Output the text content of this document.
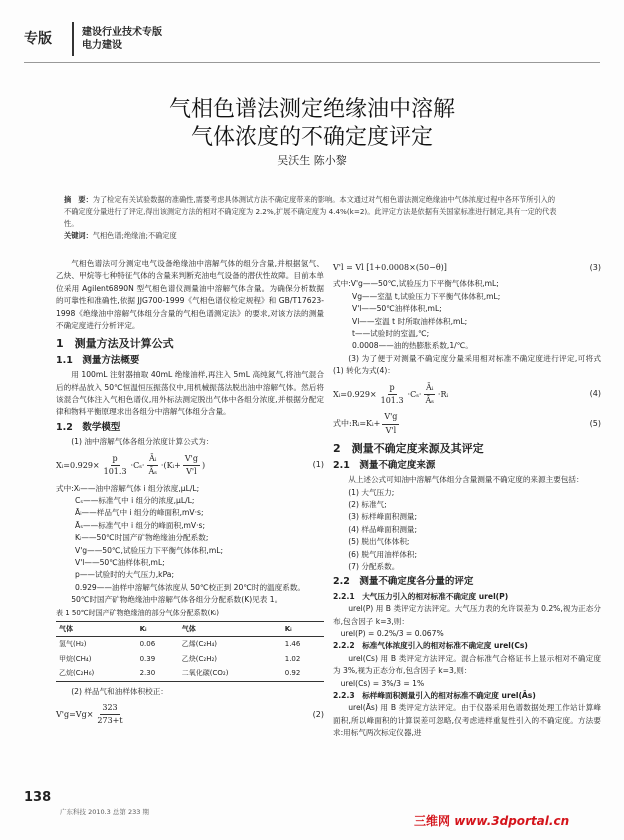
专版	建设行业技术专版
电力建设
气相色谱法测定绝缘油中溶解
气体浓度的不确定度评定
吴沃生 陈小黎
摘　要：为了检定有关试验数据的准确性,需要考虑具体测试方法不确定度带来的影响。本文通过对气相色谱法测定绝缘油中气体浓度过程中各环节所引入的不确定度分量进行了评定,得出该测定方法的相对不确定度为 2.2%,扩展不确定度为 4.4%(k=2)。此评定方法是依据有关国家标准进行制定,具有一定的代表性。
关键词：气相色谱;绝缘油;不确定度

气相色谱法可分测定电气设备绝缘油中溶解气体的组分含量,并根据氢气、乙炔、甲烷等七种特征气体的含量来判断充油电气设备的潜伏性故障。目前本单位采用 Agilent6890N 型气相色谱仪测量油中溶解气体含量。为确保分析数据的可靠性和准确性,依据 JJG700-1999《气相色谱仪检定规程》和 GB/T17623-1998《绝缘油中溶解气体组分含量的气相色谱测定法》的要求,对该方法的测量不确定度进行分析评定。

1　测量方法及计算公式

1.1　测量方法概要

用 100mL 注射器抽取 40mL 绝缘油样,再注入 5mL 高纯氮气,将油气混合后的样品放入 50℃恒温恒压振荡仪中,用机械振荡法脱出油中溶解气体。然后将该混合气体注入气相色谱仪,用外标法测定脱出气体中各组分浓度,并根据分配定律和物料平衡原理求出各组分中溶解气体组分含量。

1.2　数学模型

(1) 油中溶解气体各组分浓度计算公式为：

Xᵢ=0.929× $\frac{p}{101.3} \cdot C_s\cdot \frac{\text{Āᵢ}}{\text{Āₛ}}$ ·(Kᵢ+ $\frac{V'g}{V'l}$ )	(1)

式中:Xᵢ——油中溶解气体 i 组分浓度,μL/L;

Cₛ——标准气中 i 组分的浓度,μL/L;

Āᵢ——样品气中 i 组分的峰面积,mV·s;

Āₛ——标准气中 i 组分的峰面积,mV·s;

Kᵢ——50℃时国产矿物绝缘油分配系数;

V'g——50℃,试验压力下平衡气体体积,mL;

V'l——50℃油样体积,mL;

p——试验时的大气压力,kPa;

0.929——油样中溶解气体浓度从 50℃校正到 20℃时的温度系数。

50℃时国产矿物绝缘油中溶解气体各组分分配系数(K)见表 1。

表 1 50℃时国产矿物绝缘油的部分气体分配系数(Kᵢ)

气体	Kᵢ	气体	Kᵢ
氢气(H₂)	0.06	乙烯(C₂H₄)	1.46
甲烷(CH₄)	0.39	乙炔(C₂H₂)	1.02
乙烷(C₂H₆)	2.30	二氧化碳(CO₂)	0.92

(2) 样品气和油样体积校正：

$V'g=Vg\times \frac{323}{273+t}$	(2)
V'l = Vl [1+0.0008×(50−θ)]	(3)

式中:V'g——50℃,试验压力下平衡气体体积,mL;

Vg——室温 t,试验压力下平衡气体体积,mL;

V'l——50℃油样体积,mL;

Vl——室温 t 时所取油样体积,mL;

t——试验时的室温,℃;

0.0008——油的热膨胀系数,1/℃。

(3) 为了便于对测量不确定度分量采用相对标准不确定度进行评定,可将式(1) 转化为式(4)：

Xᵢ=0.929× $\frac{p}{101.3} \cdot C_s\cdot \frac{\text{Āᵢ}}{\text{Āₛ}}$ ·Rᵢ	(4)
式中:Rᵢ=Kᵢ+ $\frac{V'g}{V'l}$	(5)

2　测量不确定度来源及其评定

2.1　测量不确定度来源

从上述公式可知油中溶解气体组分含量测量不确定度的来源主要包括：

(1) 大气压力;

(2) 标准气;

(3) 标样峰面积测量;

(4) 样品峰面积测量;

(5) 脱出气体体积;

(6) 脱气用油样体积;

(7) 分配系数。

2.2　测量不确定度各分量的评定

2.2.1　大气压力引入的相对标准不确定度 urel(P)

urel(P) 用 B 类评定方法评定。大气压力表的允许误差为 0.2%,视为正态分布,包含因子 k=3,则：

urel(P) = 0.2%/3 = 0.067%

2.2.2　标准气体浓度引入的相对标准不确定度 urel(Cs)

urel(Cs) 用 B 类评定方法评定。混合标准气合格证书上显示相对不确定度为 3%,视为正态分布,包含因子 k=3,则：

urel(Cs) = 3%/3 = 1%

2.2.3　标样峰面积测量引入的相对标准不确定度 urel(Ās)

urel(Ās) 用 B 类评定方法评定。由于仪器采用色谱数据处理工作站计算峰面积,所以峰面积的计算误差可忽略,仅考虑进样重复性引入的不确定度。方法要求:用标气两次标定仪器,进

138
广东科技 2010.3 总第 233 期
三维网 www.3dportal.cn
